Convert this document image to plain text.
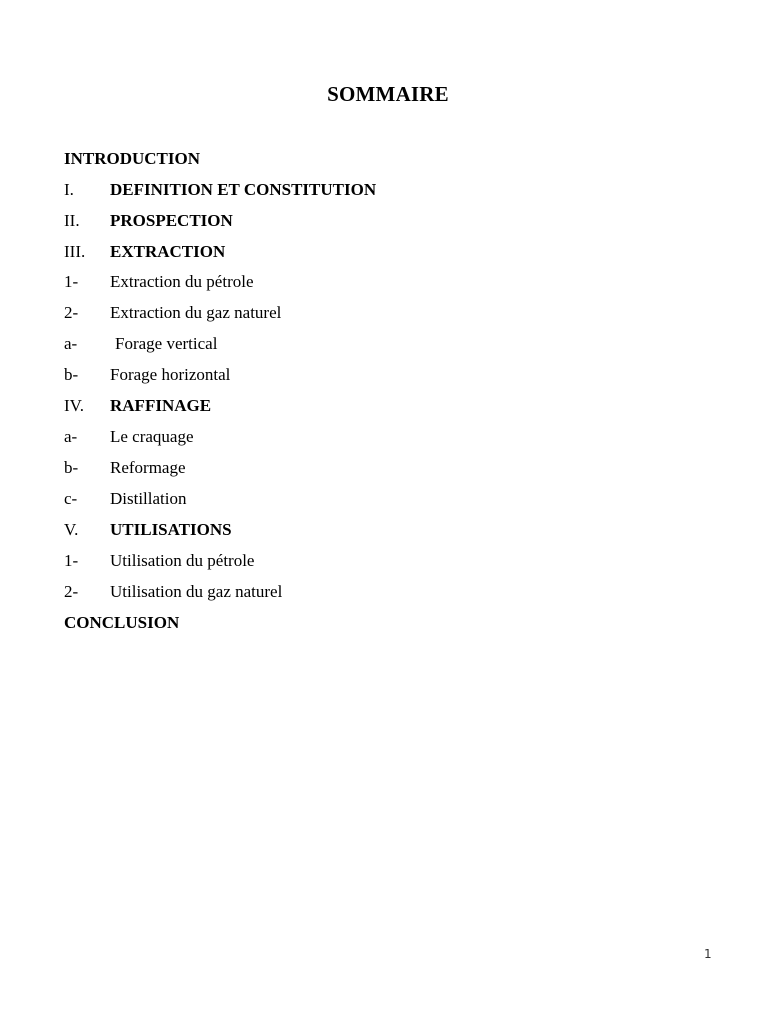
SOMMAIRE
INTRODUCTION
I. DEFINITION ET CONSTITUTION
II. PROSPECTION
III. EXTRACTION
1- Extraction du pétrole
2- Extraction du gaz naturel
a- Forage vertical
b- Forage horizontal
IV. RAFFINAGE
a- Le craquage
b- Reformage
c- Distillation
V. UTILISATIONS
1- Utilisation du pétrole
2- Utilisation du gaz naturel
CONCLUSION
1
